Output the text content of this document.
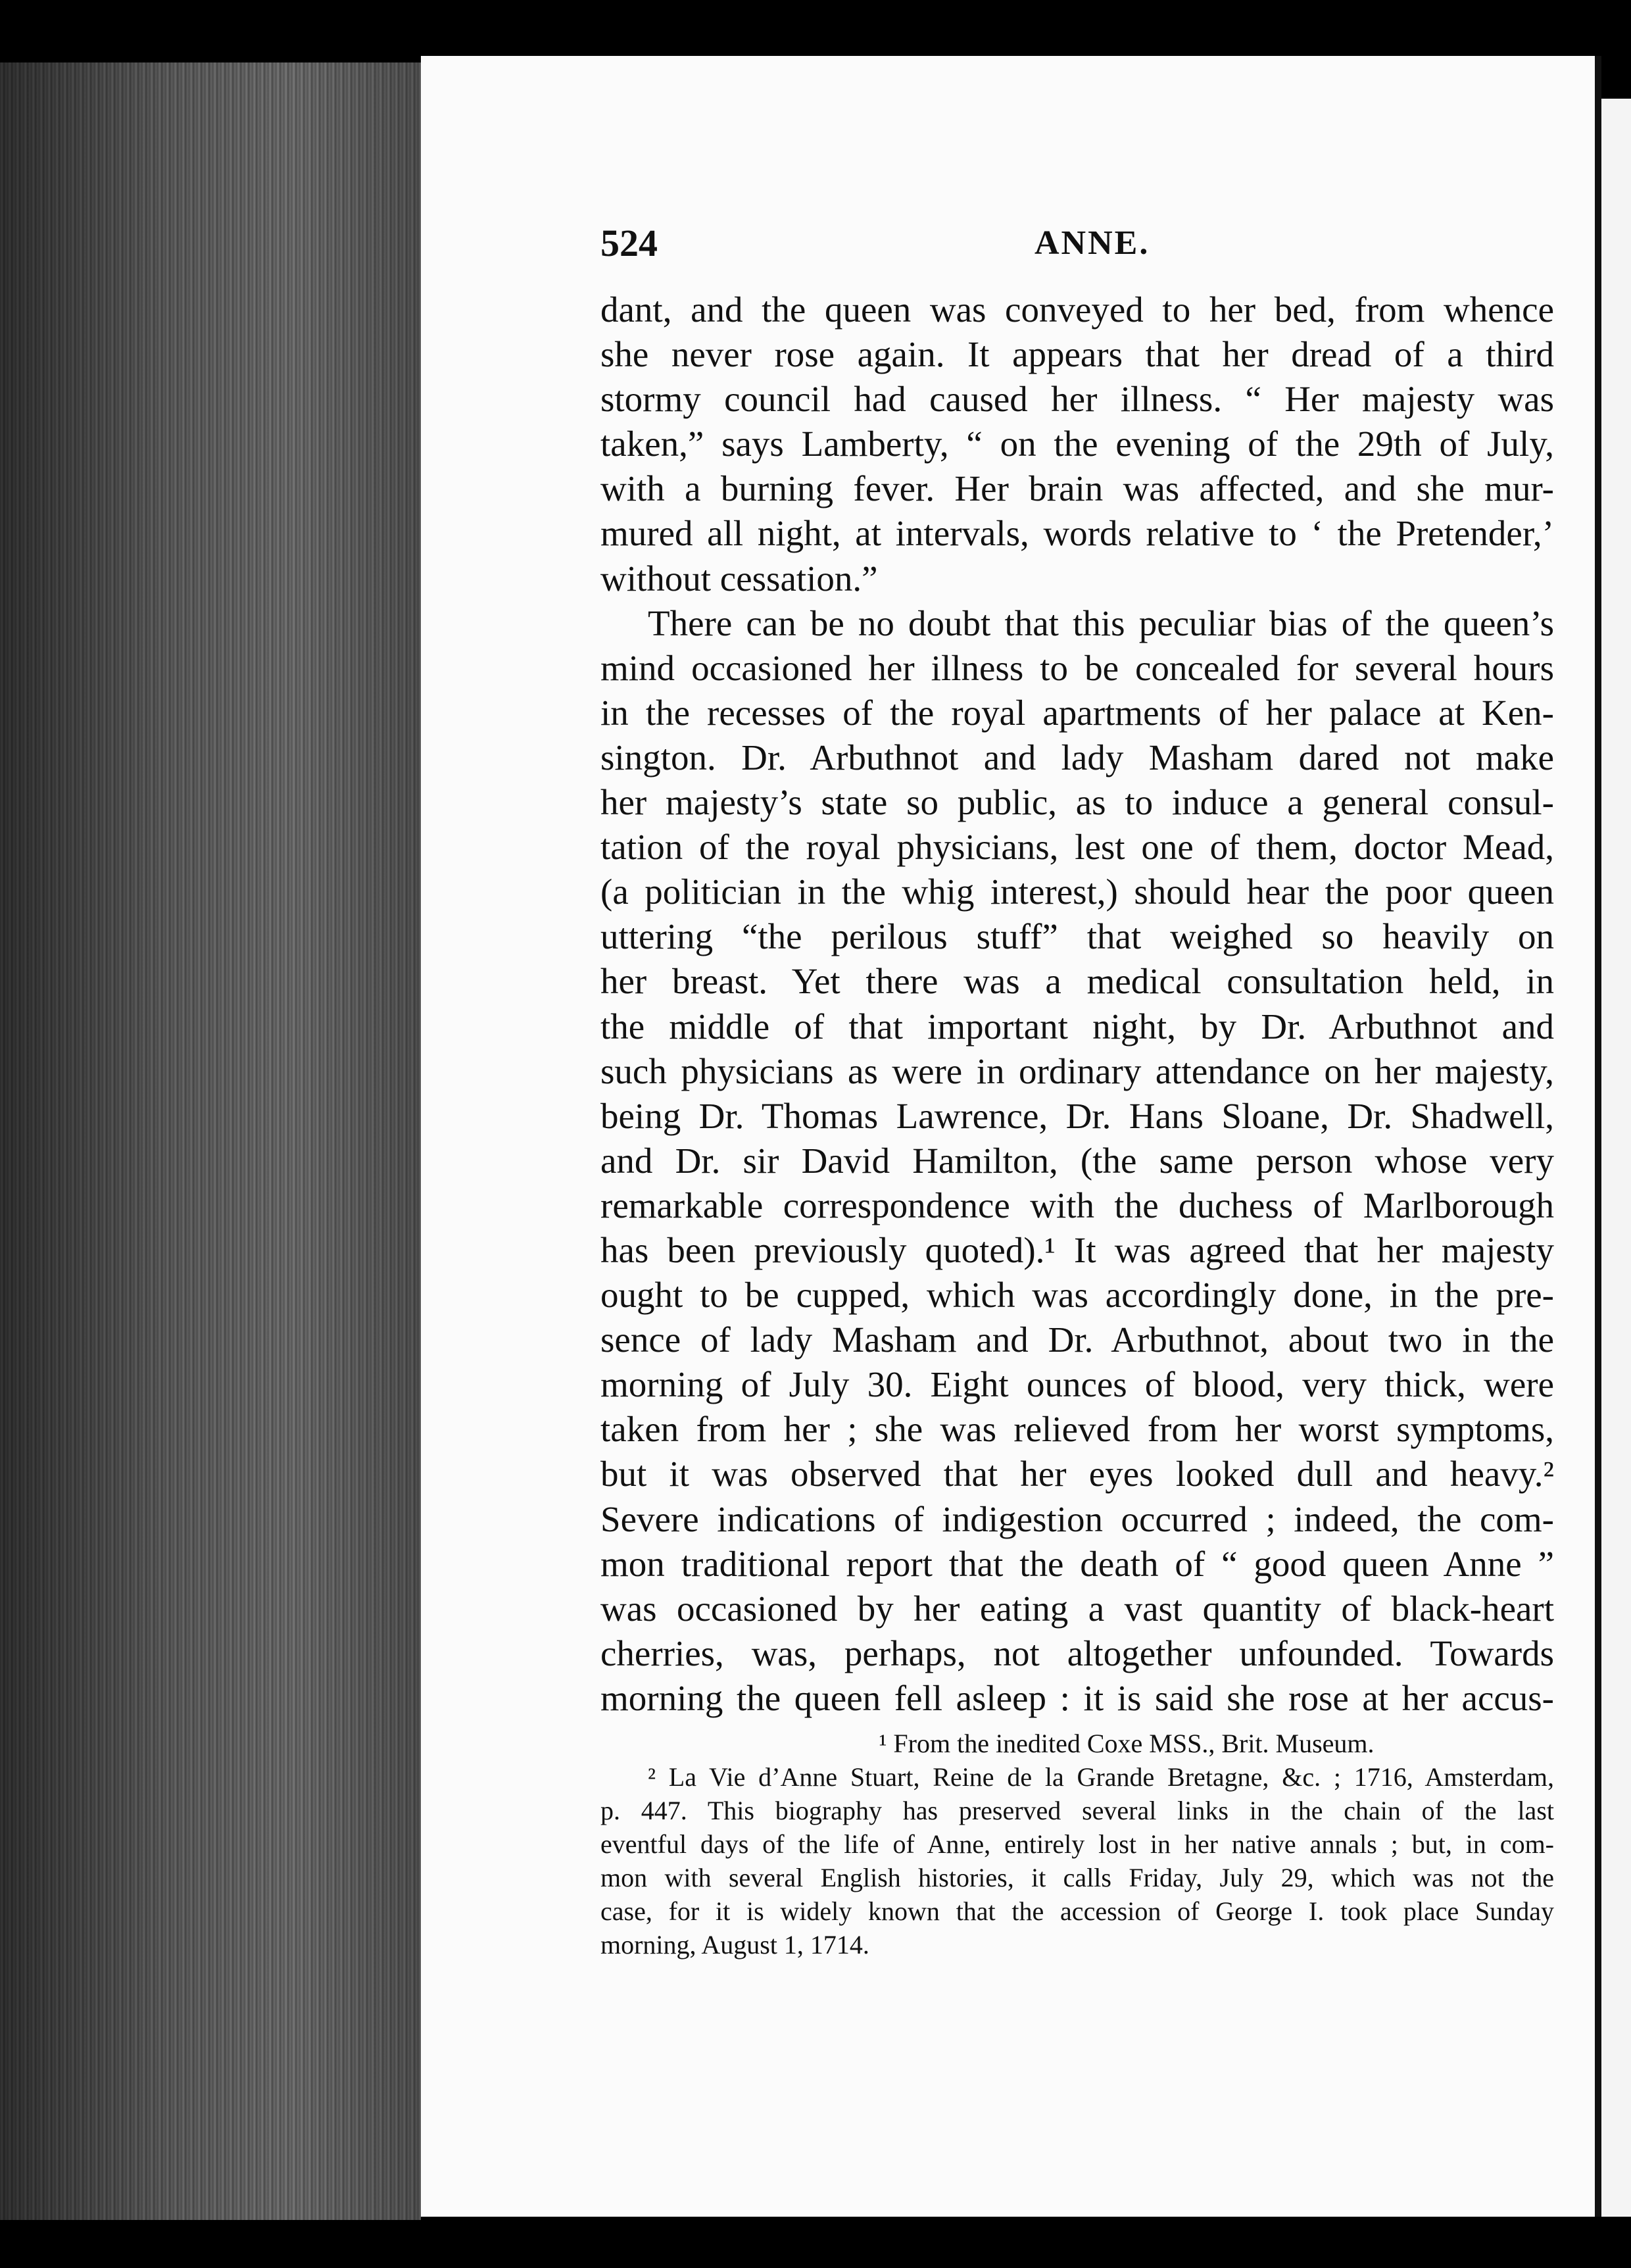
524	ANNE.
dant, and the queen was conveyed to her bed, from whence
she never rose again. It appears that her dread of a third
stormy council had caused her illness. “ Her majesty was
taken,” says Lamberty, “ on the evening of the 29th of July,
with a burning fever. Her brain was affected, and she mur-
mured all night, at intervals, words relative to ‘ the Pretender,’
without cessation.”
There can be no doubt that this peculiar bias of the queen’s
mind occasioned her illness to be concealed for several hours
in the recesses of the royal apartments of her palace at Ken-
sington. Dr. Arbuthnot and lady Masham dared not make
her majesty’s state so public, as to induce a general consul-
tation of the royal physicians, lest one of them, doctor Mead,
(a politician in the whig interest,) should hear the poor queen
uttering “the perilous stuff” that weighed so heavily on
her breast. Yet there was a medical consultation held, in
the middle of that important night, by Dr. Arbuthnot and
such physicians as were in ordinary attendance on her majesty,
being Dr. Thomas Lawrence, Dr. Hans Sloane, Dr. Shadwell,
and Dr. sir David Hamilton, (the same person whose very
remarkable correspondence with the duchess of Marlborough
has been previously quoted).¹ It was agreed that her majesty
ought to be cupped, which was accordingly done, in the pre-
sence of lady Masham and Dr. Arbuthnot, about two in the
morning of July 30. Eight ounces of blood, very thick, were
taken from her ; she was relieved from her worst symptoms,
but it was observed that her eyes looked dull and heavy.²
Severe indications of indigestion occurred ; indeed, the com-
mon traditional report that the death of “ good queen Anne ”
was occasioned by her eating a vast quantity of black-heart
cherries, was, perhaps, not altogether unfounded. Towards
morning the queen fell asleep : it is said she rose at her accus-
¹ From the inedited Coxe MSS., Brit. Museum.
² La Vie d’Anne Stuart, Reine de la Grande Bretagne, &c. ; 1716, Amsterdam,
p. 447. This biography has preserved several links in the chain of the last
eventful days of the life of Anne, entirely lost in her native annals ; but, in com-
mon with several English histories, it calls Friday, July 29, which was not the
case, for it is widely known that the accession of George I. took place Sunday
morning, August 1, 1714.
